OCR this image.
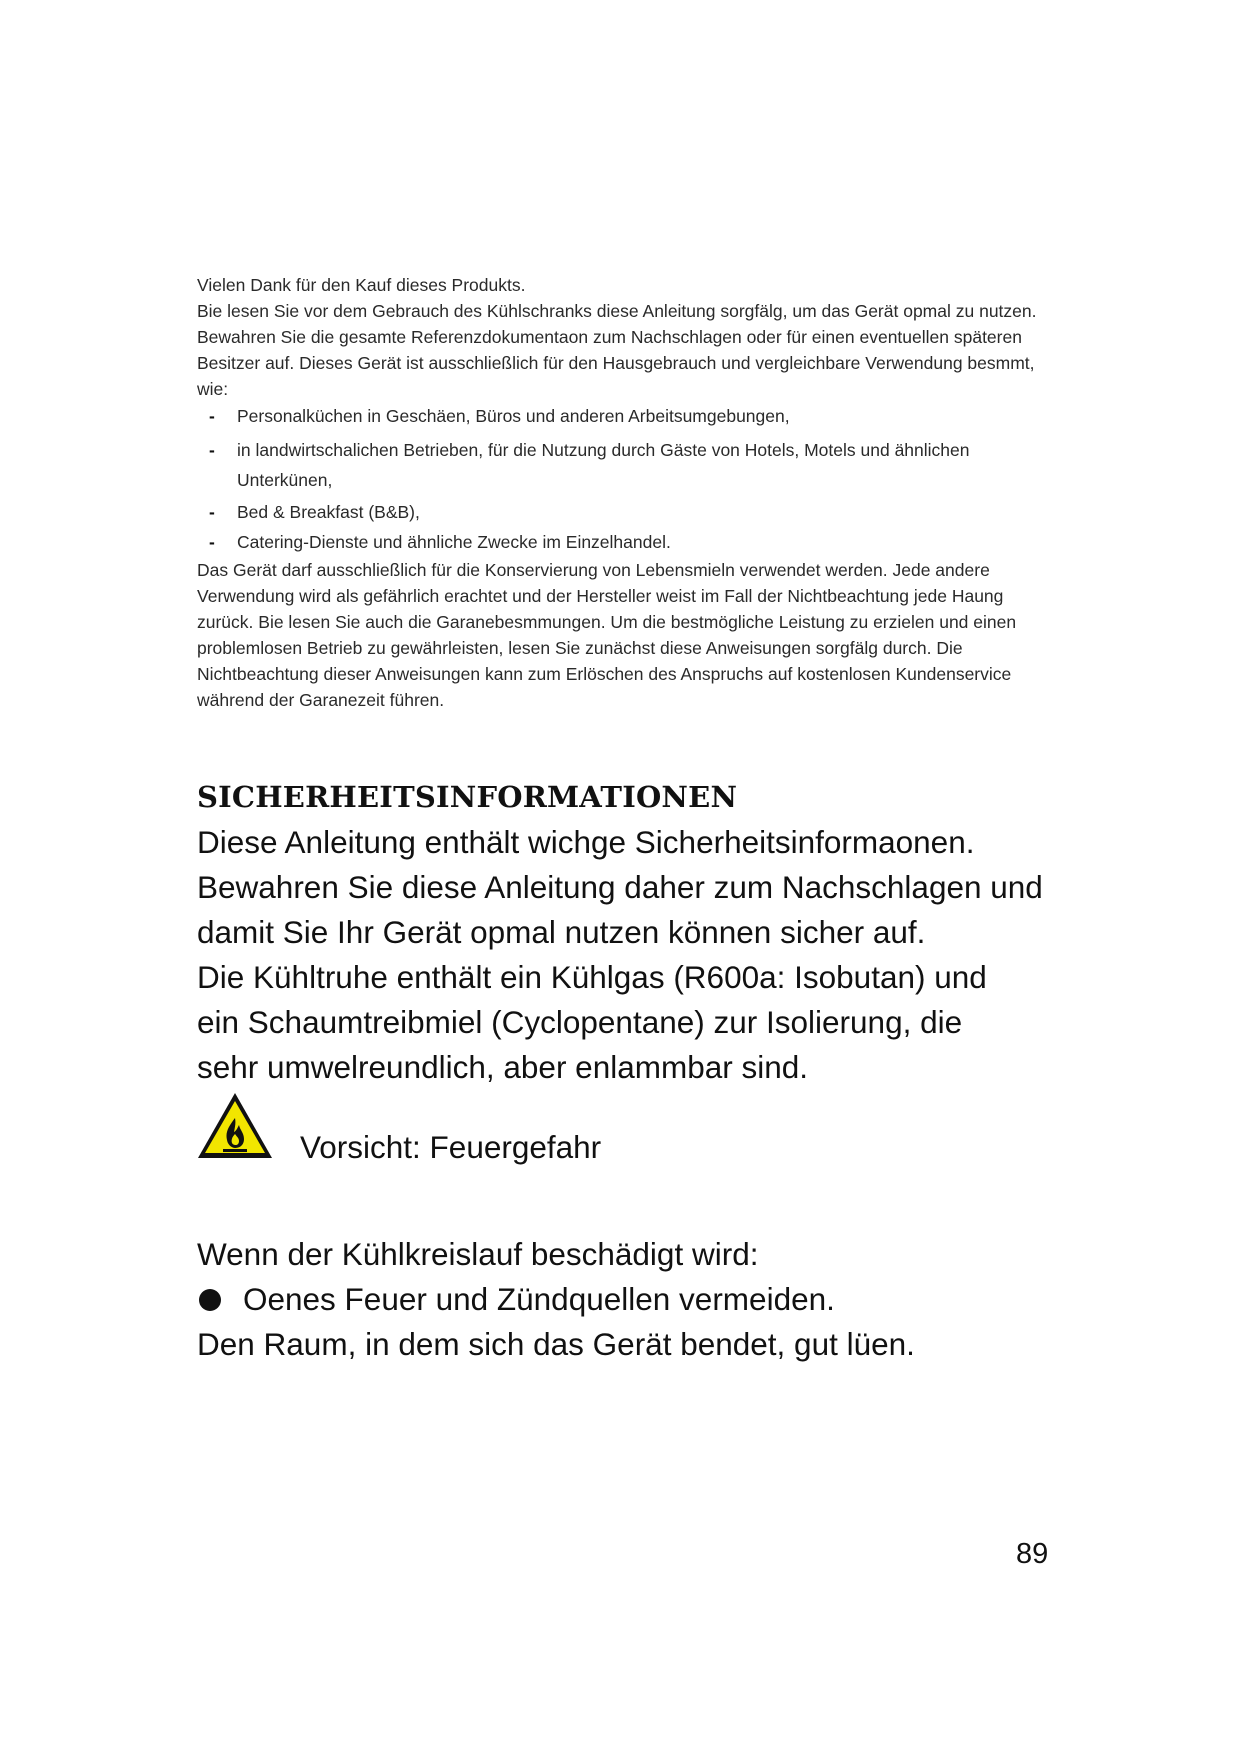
Vielen Dank für den Kauf dieses Produkts.

Bie lesen Sie vor dem Gebrauch des Kühlschranks diese Anleitung sorgfälg, um das Gerät opmal zu nutzen. Bewahren Sie die gesamte Referenzdokumentaon zum Nachschlagen oder für einen eventuellen späteren Besitzer auf. Dieses Gerät ist ausschließlich für den Hausgebrauch und vergleichbare Verwendung besmmt, wie:

- Personalküchen in Geschäen, Büros und anderen Arbeitsumgebungen,
- in landwirtschalichen Betrieben, für die Nutzung durch Gäste von Hotels, Motels und ähnlichen Unterkünen,
- Bed & Breakfast (B&B),
- Catering-Dienste und ähnliche Zwecke im Einzelhandel.

Das Gerät darf ausschließlich für die Konservierung von Lebensmieln verwendet werden. Jede andere Verwendung wird als gefährlich erachtet und der Hersteller weist im Fall der Nichtbeachtung jede Haung zurück. Bie lesen Sie auch die Garanebesmmungen. Um die bestmögliche Leistung zu erzielen und einen problemlosen Betrieb zu gewährleisten, lesen Sie zunächst diese Anweisungen sorgfälg durch. Die Nichtbeachtung dieser Anweisungen kann zum Erlöschen des Anspruchs auf kostenlosen Kundenservice während der Garanezeit führen.

SICHERHEITSINFORMATIONEN

Diese Anleitung enthält wichge Sicherheitsinformaonen.

Bewahren Sie diese Anleitung daher zum Nachschlagen und

damit Sie Ihr Gerät opmal nutzen können sicher auf.

Die Kühltruhe enthält ein Kühlgas (R600a: Isobutan) und

ein Schaumtreibmiel (Cyclopentane) zur Isolierung, die

sehr umwelreundlich, aber enlammbar sind.

Vorsicht: Feuergefahr

Wenn der Kühlkreislauf beschädigt wird:

Oenes Feuer und Zündquellen vermeiden.

Den Raum, in dem sich das Gerät bendet, gut lüen.

89
